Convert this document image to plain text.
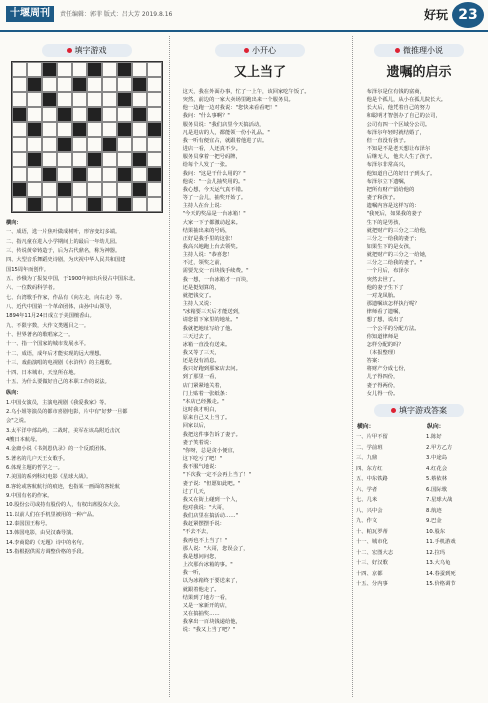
十堰周刊	责任编辑：郭菲 版式：吕大芳 2019.8.16	好玩 23
填字游戏
横向：

一、成语，选一片焦叶做成树叶，形容变幻多端。

二、指凡童在进入小学期间上的最后一年幼儿园。

三、传说黄帝铸造于，后为古代鼎名，称为神器。

四、大型音乐舞蹈史诗剧，为庆祝中华人民共和国建

国15周年而创作。

五、沙俄为了报复中国，于1900年间出兵侵占中国东北。

六、一位数码科学者。

七、台湾歌手作家，作品有《向左走，向右走》等。

八、近代中国第一个革命团体，由孙中山领导，

1894年11月24日成立于美国檀香山。

九、不限字数，大作文类题目之一。

十、世界著名的歌唱家之一。

十一、指一个国家的城市发展水平。

十二、成语，成年后才能实现的远大理想。

十三、戏曲演唱的电视剧《水浒传》的主题歌。

十四、日本城市，天皇所在地。

十五、为什么要做好自己的本职工作的说法。

纵向：

1.中国女演员，主演电视剧《我爱我家》等。

2.乌小姐等演员的都市喜剧电影，片中有"好梦一旦都

会"之说。

3.太平洋中部岛屿，二战时，美军在该岛附近击沉

4艘日本航母。

4.金庸小说《书剑恩仇录》的一个反派团体。

5.著名的几户天王女歌手。

6.体现主题的哲学之一。

7.美国的系列科幻电影《星球大战》。

8.客轮或客航航行的痕迹，也指某一画面的客轮航

9.中国有名的作家。

10.股份公司或持有股份的人，有权出席股东大会。

11.以前人们在手机里被用的一种产品。

12.泰国国王称号。

13.韩国电影，由吴汉森导演。

14.李商隐的《无题》诗中的名句。

15.指根据供需方调整价格的手段。

小开心
又上当了

这天，我在外面办事，忙了一上午，该回家吃午饭了。

突然，前边的一家大卖场里跑出来一个服务员。

他一边跑一边对我说："您快来看看吧！"

我问："什么事啊？"

服务员说："我们店里今天搞活动，

凡是进店的人，都能领一份小礼品。"

我一听有便宜占，就跟着他进了店。

进店一看，人还真不少。

服务员拿着一把号码牌，

给每个人发了一张。

我问："这是干什么用的？"

他说："一会儿抽奖用的。"

我心想，今天运气真不错。

等了一会儿，抽奖开始了。

主持人在台上说：

"今天的奖品是一台冰箱！"

大家一下子都激动起来。

结果抽出来的号码，

正好是我手里的这张！

我高兴地跑上台去领奖。

主持人说："恭喜您！

不过，领奖之前，

需要先交一百块钱手续费。"

我一想，一台冰箱才一百块，

还是挺划算的，

就把钱交了。

主持人又说：

"冰箱要三天后才能送到，

请您留下家里的地址。"

我就把地址写给了他。

三天过去了，

冰箱一直没有送来。

我又等了三天，

还是没有消息。

我只好跑到那家店去问。

到了那里一看，

店门紧紧地关着，

门上贴着一张纸条：

"本店已经搬走。"

这时我才明白，

原来自己又上当了。

回家以后，

我把这件事告诉了妻子。

妻子笑着说：

"你呀，总是贪小便宜，

这下吃亏了吧！"

我不服气地说：

"下次我一定不会再上当了！"

妻子说："但愿如此吧。"

过了几天，

我又在街上碰到一个人，

他对我说："大哥，

我们店里在搞活动……"

我赶紧摆摆手说：

"不去不去，

我再也不上当了！"

那人说："大哥，您误会了，

我是想问问您，

上次那台冰箱的事。"

我一听，

以为冰箱终于要送来了，

就跟着他走了。

结果到了地方一看，

又是一家新开的店，

又在搞抽奖……

我拿出一百块钱递给他，

说："我又上当了吧？"

微推理小说
遗嘱的启示

布泽尔是位有钱的富商，

他是个孤儿，从小在孤儿院长大。

长大后，他凭着自己的努力

和聪明才智创办了自己的公司，

公司有四一个区域分公司。

布泽尔年轻时就结婚了，

但一直没有孩子。

不知是不是老天想让布泽尔

后继无人，他夫人生了孩子。

布泽尔非常高兴，

他知道自己的好日子到头了。

布泽尔立下遗嘱，

把所有财产留给他的

妻子和孩子。

遗嘱内容是这样写的：

"我死后，如果我的妻子

生下的是男孩，

就把财产的三分之二给他，

三分之一给我的妻子；

如果生下的是女孩，

就把财产的三分之一给她，

三分之二给我的妻子。"

一个月后，布泽尔

突然去世了。

他的妻子生下了

一对龙凤胎。

那遗嘱该怎样执行呢？

律师看了遗嘱，

想了想，说出了

一个公平的分配方法。

你知道律师是

怎样分配的吗？

（本报整理）

答案：

将财产分成七份，

儿子得四份，

妻子得两份，

女儿得一份。

填字游戏答案
横向：	纵向：
一、片甲不留	1.陈好
二、学前班	2.甲方乙方
三、九鼎	3.中途岛
四、东方红	4.红花会
五、中东铁路	5.蔡依林
六、学者	6.国际歌
七、几米	7.星球大战
八、兴中会	8.航迹
九、作文	9.巴金
十、帕瓦罗蒂	10.股东
十一、城市化	11.手机游戏
十二、宏图大志	12.拉玛
十三、好汉歌	13.大乌龟
十四、京都	14.春蚕到死
十五、分内事	15.价格调节
